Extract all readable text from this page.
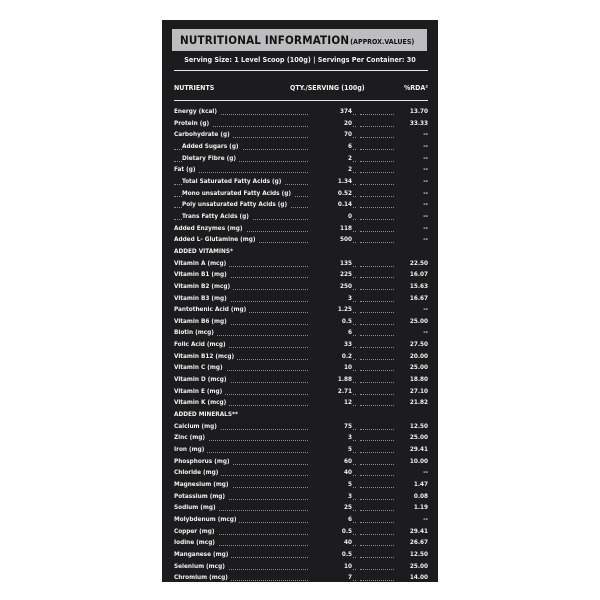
NUTRITIONAL INFORMATION (APPROX.VALUES)
Serving Size: 1 Level Scoop (100g) | Servings Per Container: 30
NUTRIENTS	QTY./SERVING (100g)	%RDA²
Energy (kcal)	374	13.70
Protein (g)	20	33.33
Carbohydrate (g)	70	--
Added Sugars (g)	6	--
Dietary Fibre (g)	2	--
Fat (g)	2	--
Total Saturated Fatty Acids (g)	1.34	--
Mono unsaturated Fatty Acids (g)	0.52	--
Poly unsaturated Fatty Acids (g)	0.14	--
Trans Fatty Acids (g)	0	--
Added Enzymes (mg)	118	--
Added L- Glutamine (mg)	500	--
ADDED VITAMINS*
Vitamin A (mcg)	135	22.50
Vitamin B1 (mg)	225	16.07
Vitamin B2 (mcg)	250	15.63
Vitamin B3 (mg)	3	16.67
Pantothenic Acid (mg)	1.25	--
Vitamin B6 (mg)	0.5	25.00
Biotin (mcg)	6	--
Folic Acid (mcg)	33	27.50
Vitamin B12 (mcg)	0.2	20.00
Vitamin C (mg)	10	25.00
Vitamin D (mcg)	1.88	18.80
Vitamin E (mg)	2.71	27.10
Vitamin K (mcg)	12	21.82
ADDED MINERALS**
Calcium (mg)	75	12.50
Zinc (mg)	3	25.00
Iron (mg)	5	29.41
Phosphorus (mg)	60	10.00
Chloride (mg)	40	--
Magnesium (mg)	5	1.47
Potassium (mg)	3	0.08
Sodium (mg)	25	1.19
Molybdenum (mcg)	6	--
Copper (mg)	0.5	29.41
Iodine (mcg)	40	26.67
Manganese (mg)	0.5	12.50
Selenium (mcg)	10	25.00
Chromium (mcg)	7	14.00
